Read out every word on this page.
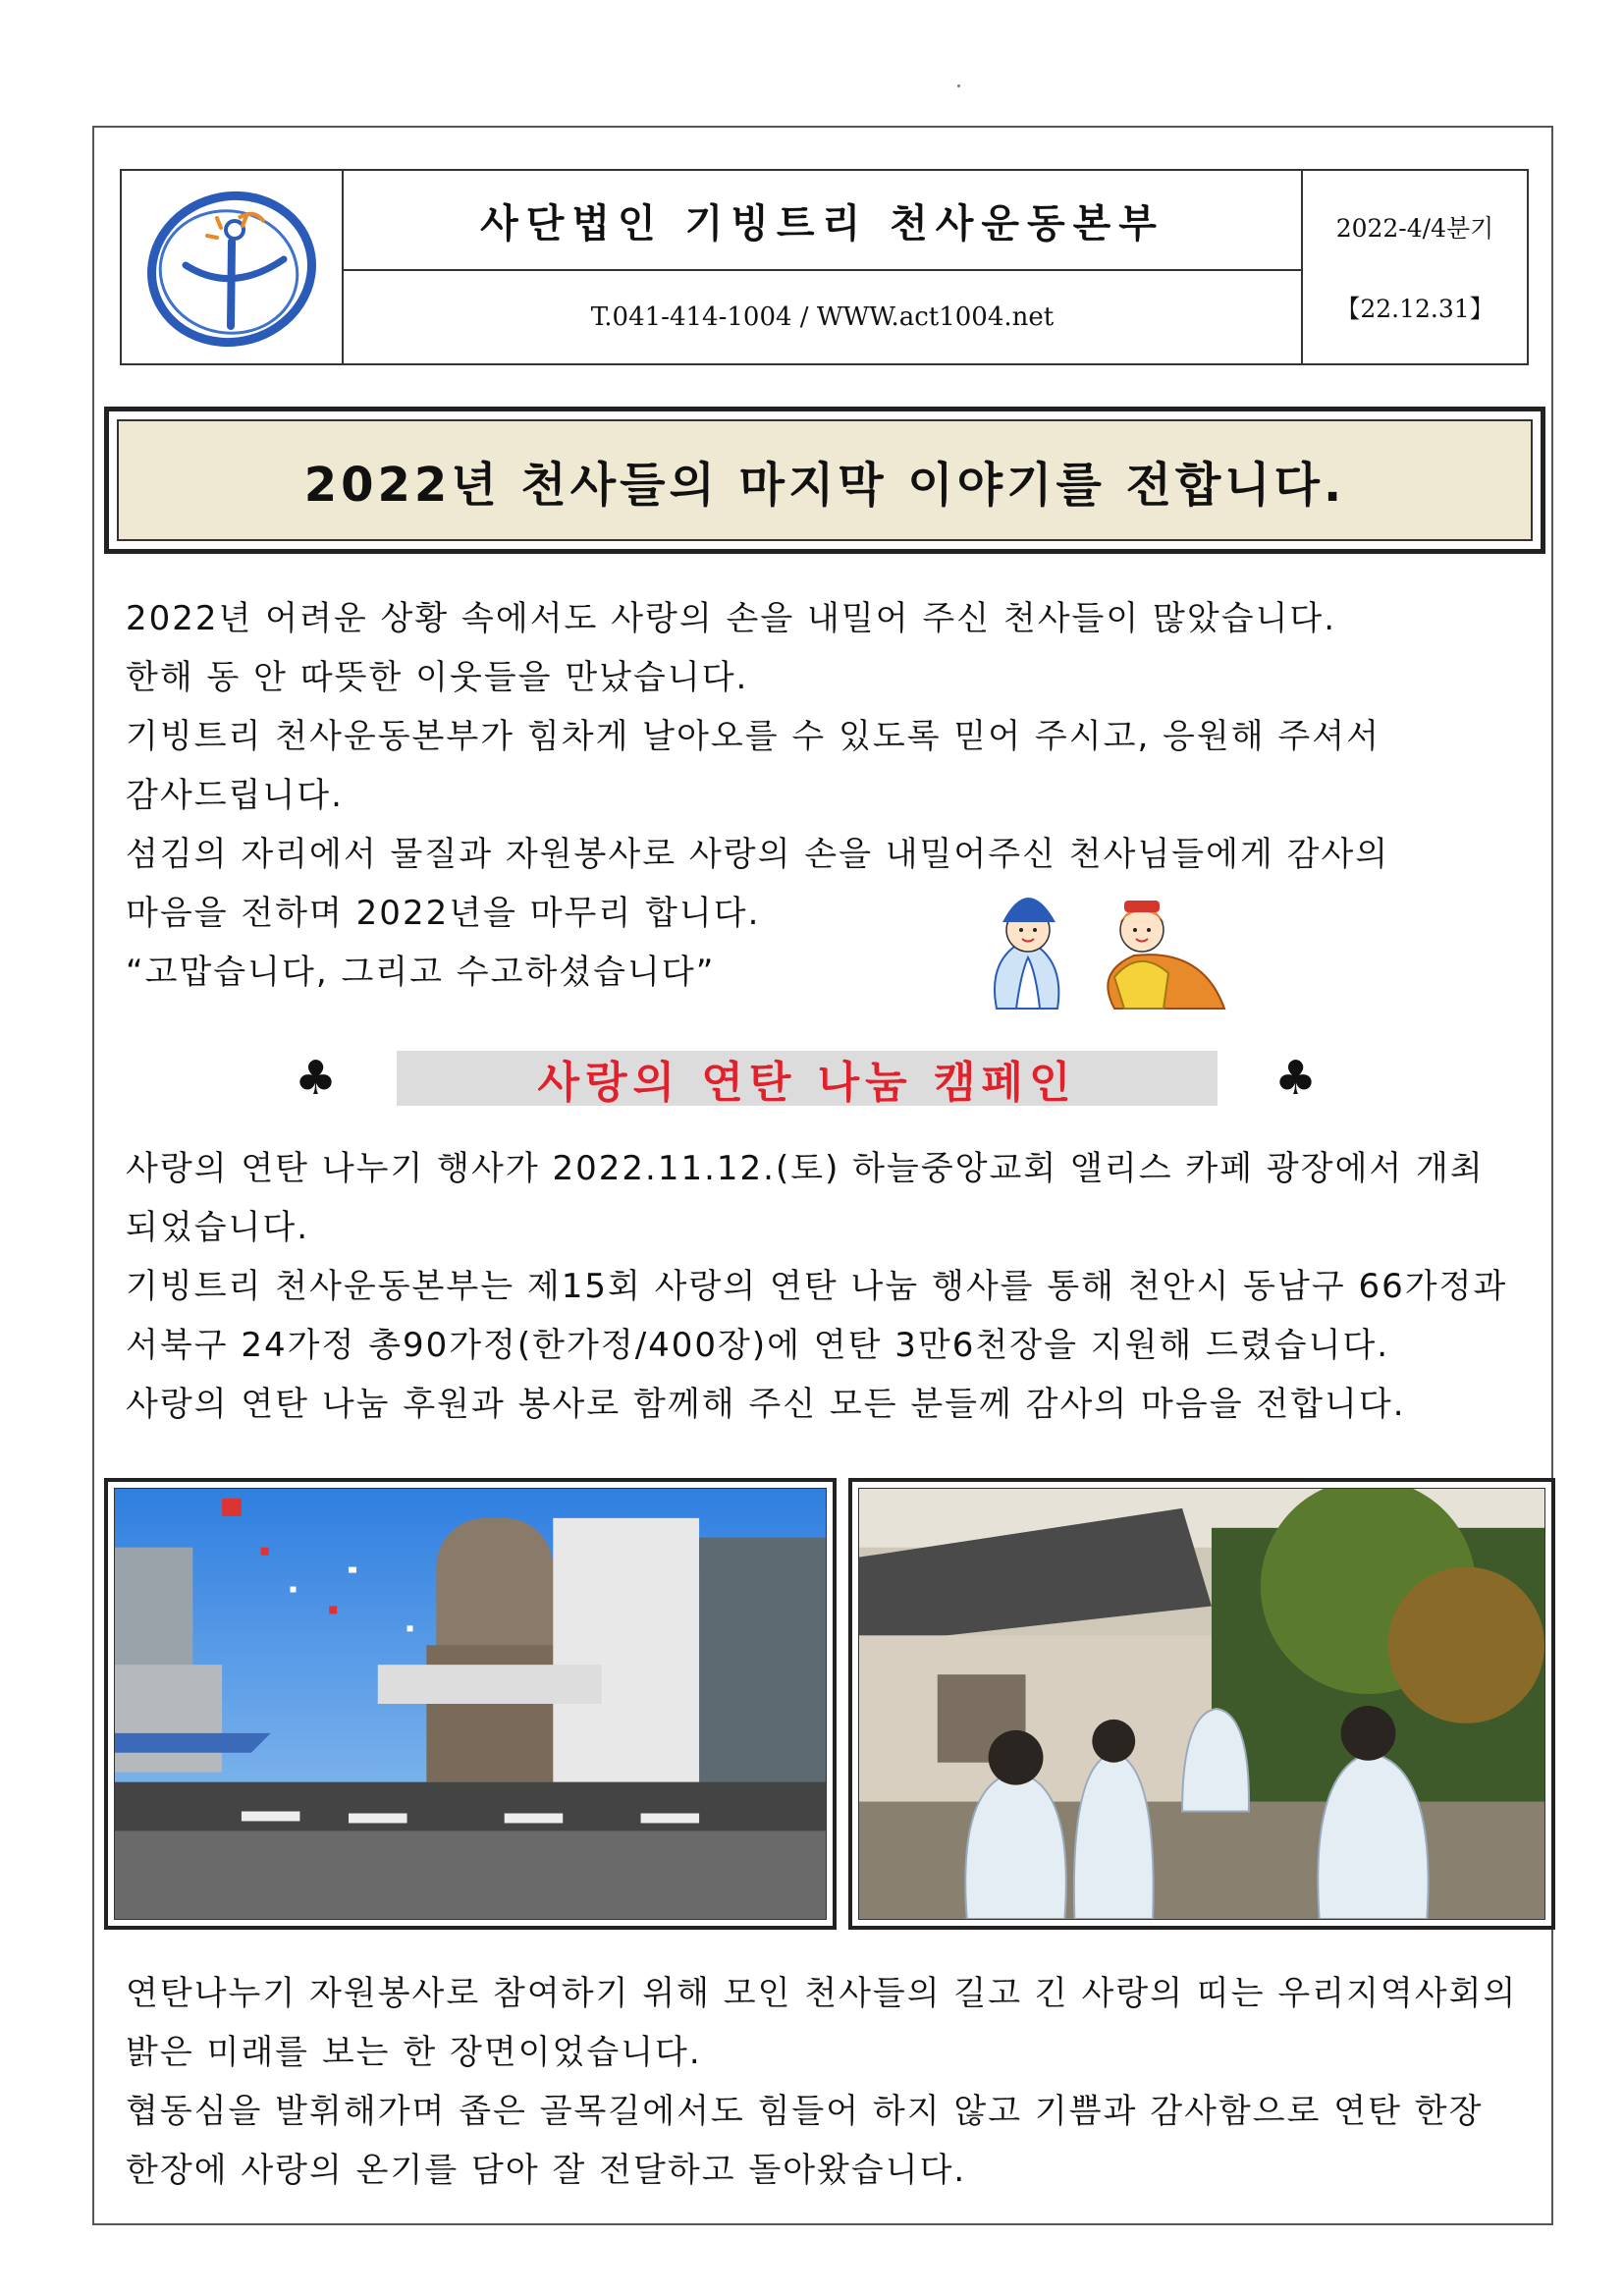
사단법인 기빙트리 천사운동본부
T.041-414-1004 / WWW.act1004.net
2022-4/4분기
【22.12.31】
2022년 천사들의 마지막 이야기를 전합니다.

2022년 어려운 상황 속에서도 사랑의 손을 내밀어 주신 천사들이 많았습니다.

한해 동 안 따뜻한 이웃들을 만났습니다.

기빙트리 천사운동본부가 힘차게 날아오를 수 있도록 믿어 주시고, 응원해 주셔서

감사드립니다.

섬김의 자리에서 물질과 자원봉사로 사랑의 손을 내밀어주신 천사님들에게 감사의

마음을 전하며 2022년을 마무리 합니다.

“고맙습니다, 그리고 수고하셨습니다”

♣	사랑의 연탄 나눔 캠페인	♣

사랑의 연탄 나누기 행사가 2022.11.12.(토) 하늘중앙교회 앨리스 카페 광장에서 개최

되었습니다.

기빙트리 천사운동본부는 제15회 사랑의 연탄 나눔 행사를 통해 천안시 동남구 66가정과

서북구 24가정 총90가정(한가정/400장)에 연탄 3만6천장을 지원해 드렸습니다.

사랑의 연탄 나눔 후원과 봉사로 함께해 주신 모든 분들께 감사의 마음을 전합니다.

연탄나누기 자원봉사로 참여하기 위해 모인 천사들의 길고 긴 사랑의 띠는 우리지역사회의

밝은 미래를 보는 한 장면이었습니다.

협동심을 발휘해가며 좁은 골목길에서도 힘들어 하지 않고 기쁨과 감사함으로 연탄 한장

한장에 사랑의 온기를 담아 잘 전달하고 돌아왔습니다.
